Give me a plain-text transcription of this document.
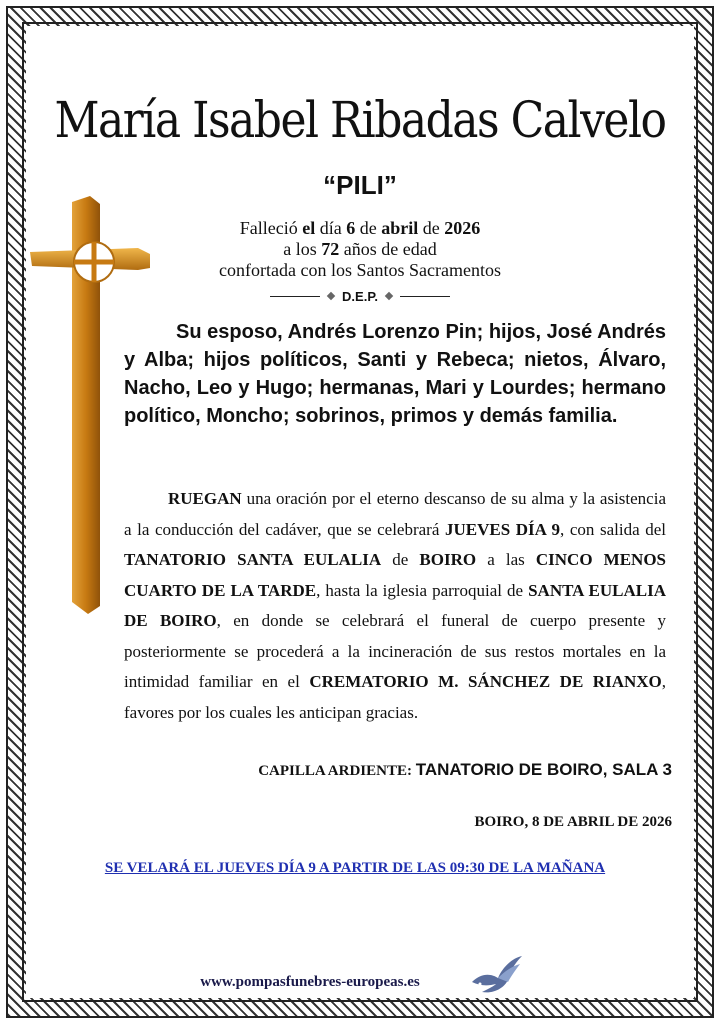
María Isabel Ribadas Calvelo
“PILI”
Falleció el día 6 de abril de 2026
a los 72 años de edad
confortada con los Santos Sacramentos
D.E.P.
Su esposo, Andrés Lorenzo Pin; hijos, José Andrés y Alba; hijos políticos, Santi y Rebeca; nietos, Álvaro, Nacho, Leo y Hugo; hermanas, Mari y Lourdes; hermano político, Moncho; sobrinos, primos y demás familia.
RUEGAN una oración por el eterno descanso de su alma y la asistencia a la conducción del cadáver, que se celebrará JUEVES DÍA 9, con salida del TANATORIO SANTA EULALIA de BOIRO a las CINCO MENOS CUARTO DE LA TARDE, hasta la iglesia parroquial de SANTA EULALIA DE BOIRO, en donde se celebrará el funeral de cuerpo presente y posteriormente se procederá a la incineración de sus restos mortales en la intimidad familiar en el CREMATORIO M. SÁNCHEZ DE RIANXO, favores por los cuales les anticipan gracias.
CAPILLA ARDIENTE: TANATORIO DE BOIRO, SALA 3
BOIRO, 8 DE ABRIL DE 2026
SE VELARÁ EL JUEVES DÍA 9 A PARTIR DE LAS 09:30 DE LA MAÑANA
www.pompasfunebres-europeas.es
